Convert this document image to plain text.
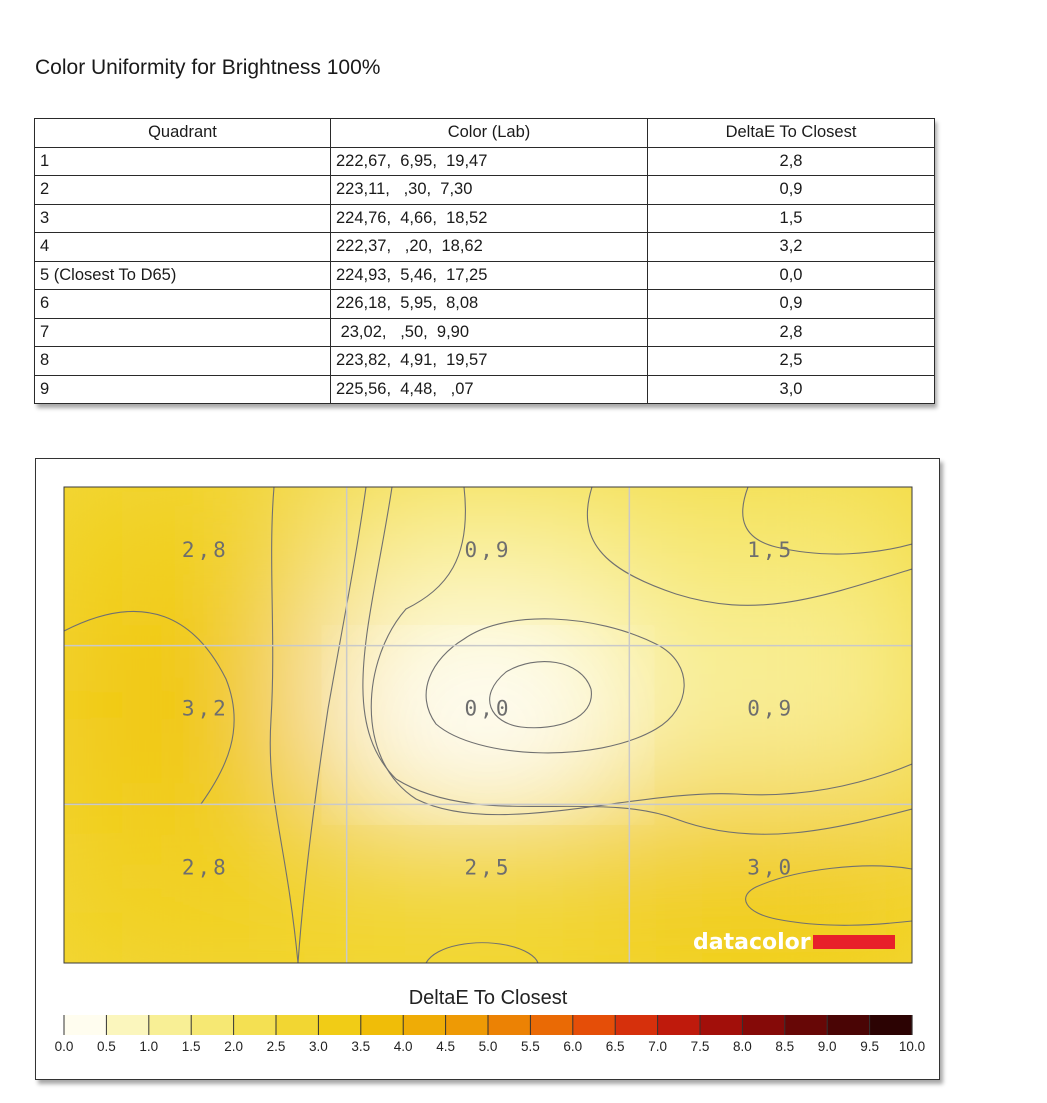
Color Uniformity for Brightness 100%
Quadrant	Color (Lab)	DeltaE To Closest
1	222,67,  6,95,  19,47	2,8
2	223,11,   ,30,  7,30	0,9
3	224,76,  4,66,  18,52	1,5
4	222,37,   ,20,  18,62	3,2
5 (Closest To D65)	224,93,  5,46,  17,25	0,0
6	226,18,  5,95,  8,08	0,9
7	23,02,   ,50,  9,90	2,8
8	223,82,  4,91,  19,57	2,5
9	225,56,  4,48,   ,07	3,0
2,8	0,9	1,5
3,2	0,0	0,9
2,8	2,5	3,0
datacolor
DeltaE To Closest
0.0 0.5 1.0 1.5 2.0 2.5 3.0 3.5 4.0 4.5 5.0 5.5 6.0 6.5 7.0 7.5 8.0 8.5 9.0 9.5 10.0
